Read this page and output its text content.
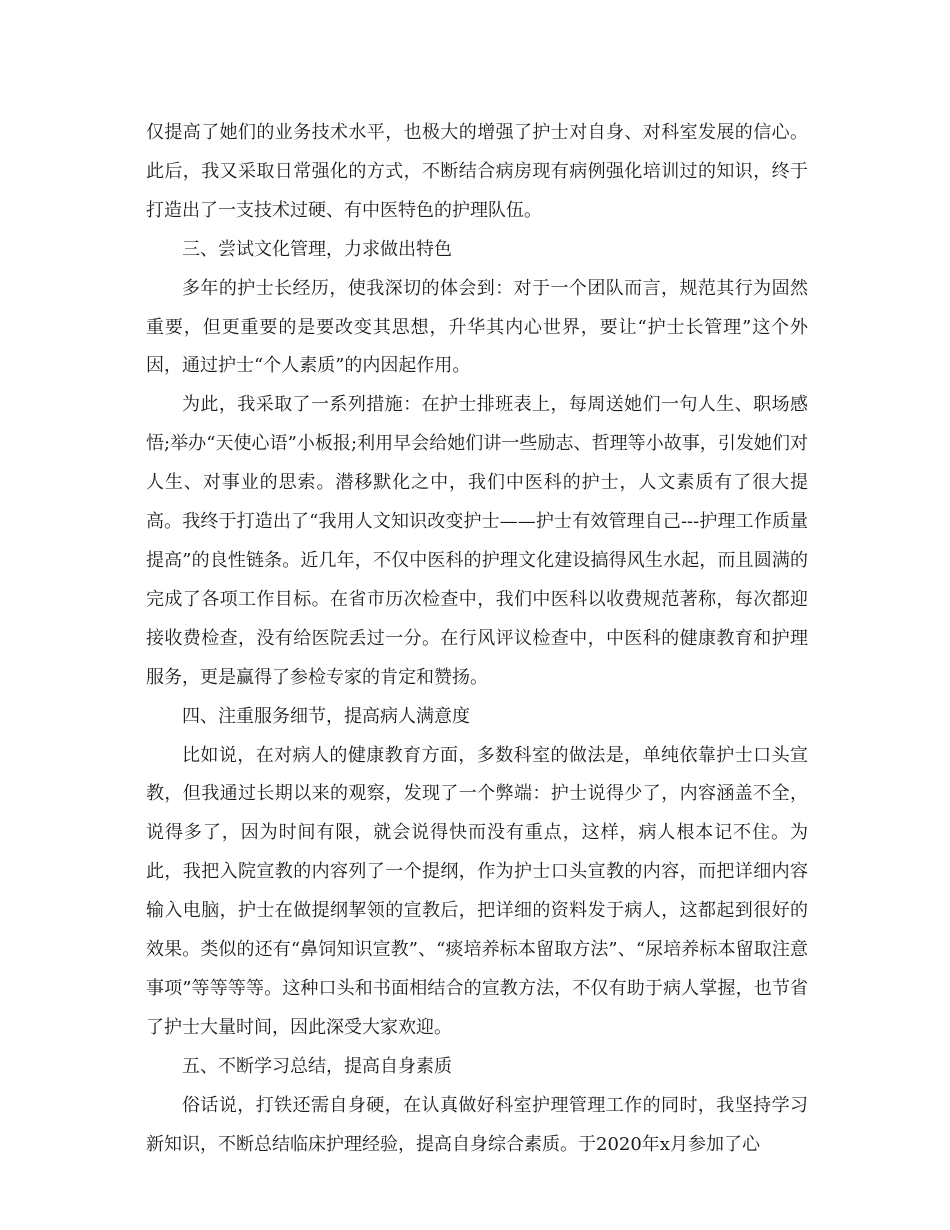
仅提高了她们的业务技术水平，也极大的增强了护士对自身、对科室发展的信心。此后，我又采取日常强化的方式，不断结合病房现有病例强化培训过的知识，终于打造出了一支技术过硬、有中医特色的护理队伍。

三、尝试文化管理，力求做出特色

多年的护士长经历，使我深切的体会到：对于一个团队而言，规范其行为固然重要，但更重要的是要改变其思想，升华其内心世界，要让“护士长管理”这个外因，通过护士“个人素质”的内因起作用。

为此，我采取了一系列措施：在护士排班表上，每周送她们一句人生、职场感悟;举办“天使心语”小板报;利用早会给她们讲一些励志、哲理等小故事，引发她们对人生、对事业的思索。潜移默化之中，我们中医科的护士，人文素质有了很大提高。我终于打造出了“我用人文知识改变护士——护士有效管理自己---护理工作质量提高”的良性链条。近几年，不仅中医科的护理文化建设搞得风生水起，而且圆满的完成了各项工作目标。在省市历次检查中，我们中医科以收费规范著称，每次都迎接收费检查，没有给医院丢过一分。在行风评议检查中，中医科的健康教育和护理服务，更是赢得了参检专家的肯定和赞扬。

四、注重服务细节，提高病人满意度

比如说，在对病人的健康教育方面，多数科室的做法是，单纯依靠护士口头宣教，但我通过长期以来的观察，发现了一个弊端：护士说得少了，内容涵盖不全，说得多了，因为时间有限，就会说得快而没有重点，这样，病人根本记不住。为此，我把入院宣教的内容列了一个提纲，作为护士口头宣教的内容，而把详细内容输入电脑，护士在做提纲挈领的宣教后，把详细的资料发于病人，这都起到很好的效果。类似的还有“鼻饲知识宣教”、“痰培养标本留取方法”、“尿培养标本留取注意事项”等等等等。这种口头和书面相结合的宣教方法，不仅有助于病人掌握，也节省了护士大量时间，因此深受大家欢迎。

五、不断学习总结，提高自身素质

俗话说，打铁还需自身硬，在认真做好科室护理管理工作的同时，我坚持学习新知识，不断总结临床护理经验，提高自身综合素质。于2020年x月参加了心
